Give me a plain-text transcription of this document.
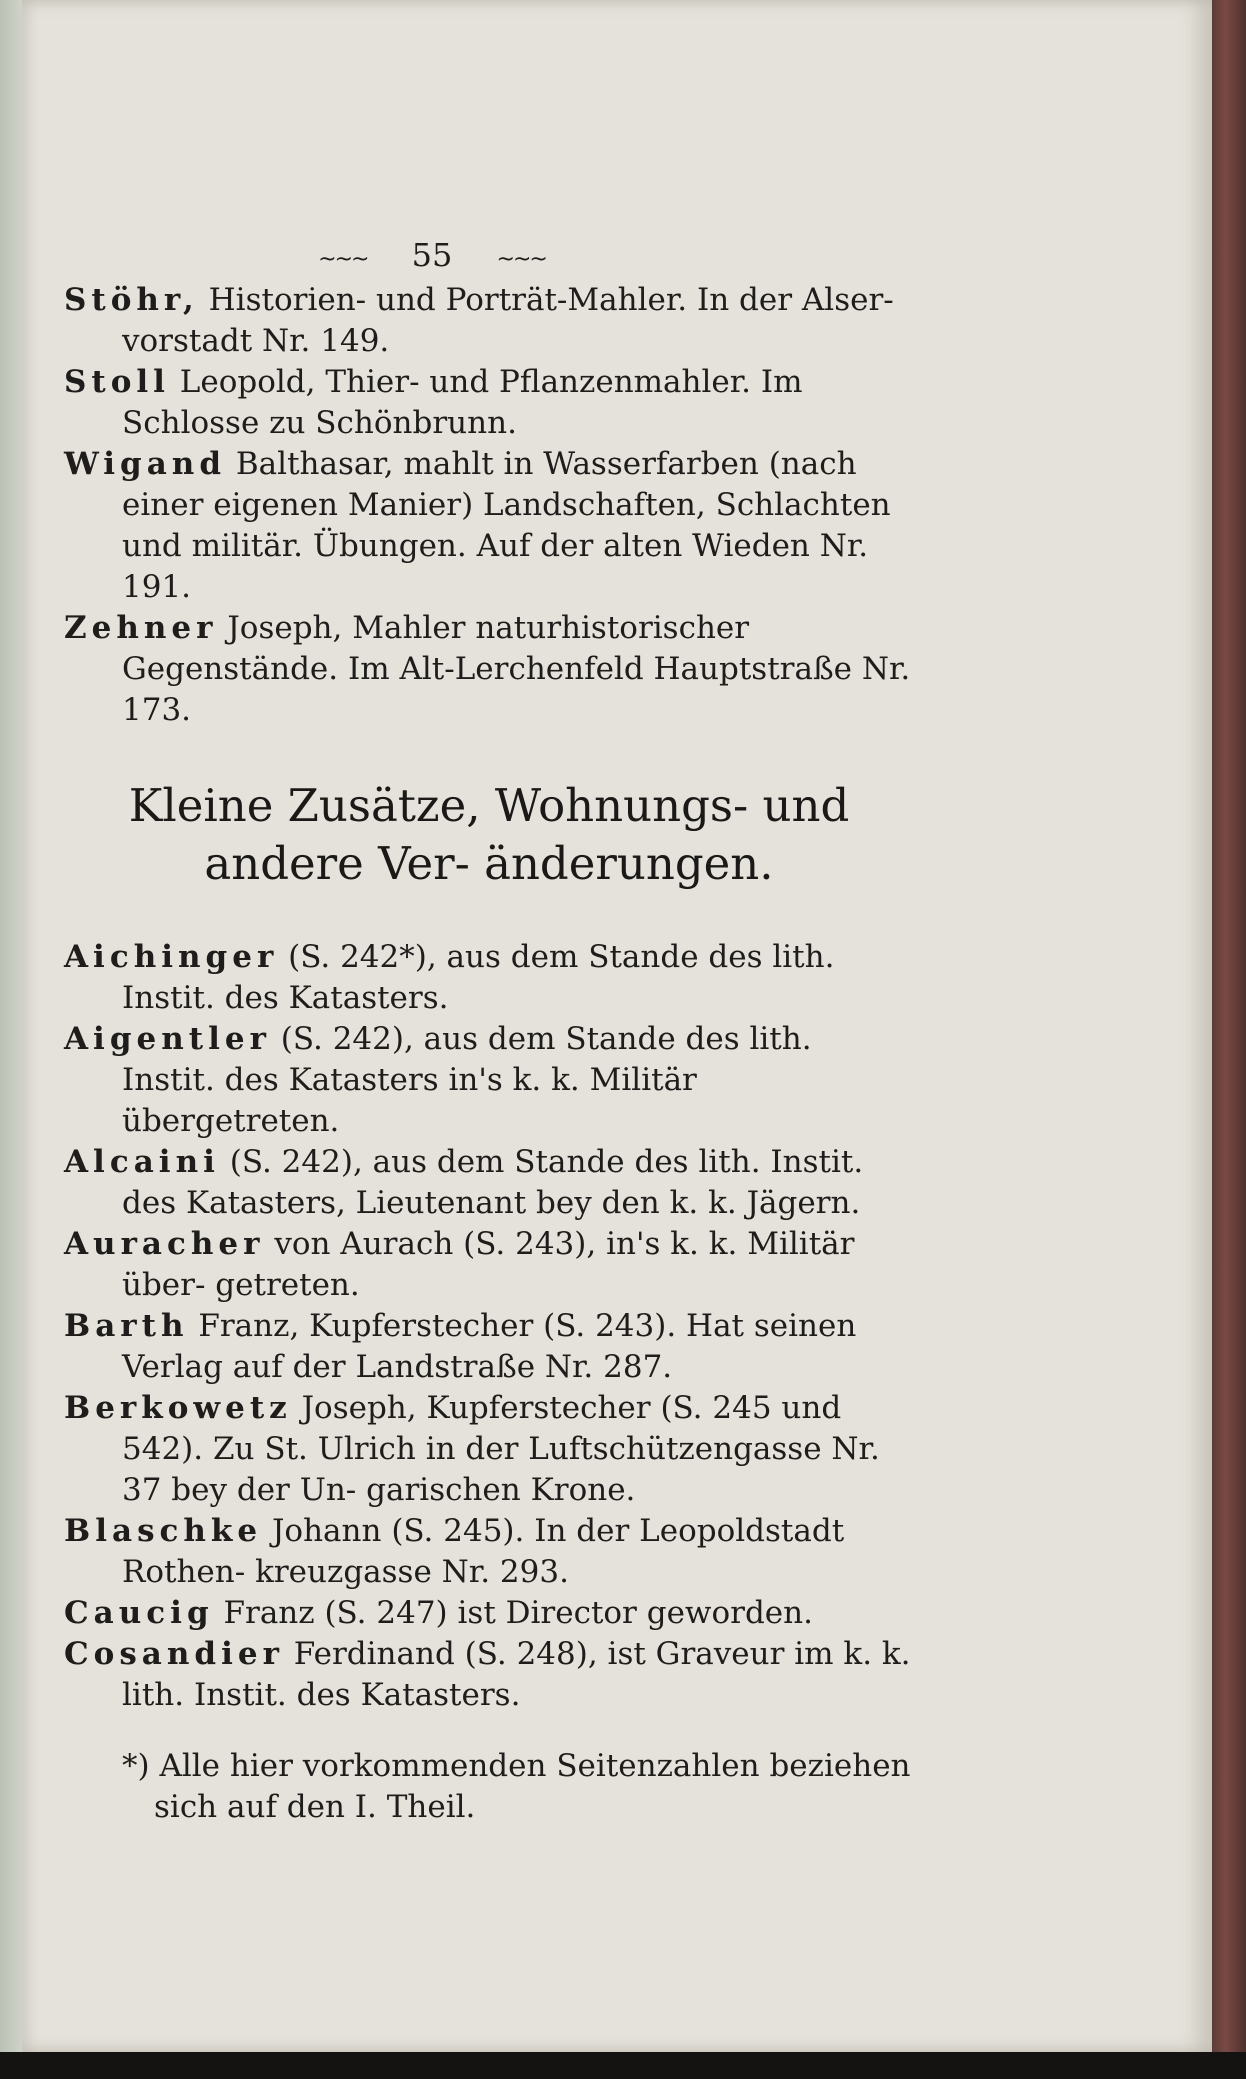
~~~ 55 ~~~

Stöhr, Historien- und Porträt-Mahler. In der Alser- vorstadt Nr. 149.

Stoll Leopold, Thier- und Pflanzenmahler. Im Schlosse zu Schönbrunn.

Wigand Balthasar, mahlt in Wasserfarben (nach einer eigenen Manier) Landschaften, Schlachten und militär. Übungen. Auf der alten Wieden Nr. 191.

Zehner Joseph, Mahler naturhistorischer Gegenstände. Im Alt-Lerchenfeld Hauptstraße Nr. 173.

Kleine Zusätze, Wohnungs- und andere Ver- änderungen.

Aichinger (S. 242*), aus dem Stande des lith. Instit. des Katasters.

Aigentler (S. 242), aus dem Stande des lith. Instit. des Katasters in's k. k. Militär übergetreten.

Alcaini (S. 242), aus dem Stande des lith. Instit. des Katasters, Lieutenant bey den k. k. Jägern.

Auracher von Aurach (S. 243), in's k. k. Militär über- getreten.

Barth Franz, Kupferstecher (S. 243). Hat seinen Verlag auf der Landstraße Nr. 287.

Berkowetz Joseph, Kupferstecher (S. 245 und 542). Zu St. Ulrich in der Luftschützengasse Nr. 37 bey der Un- garischen Krone.

Blaschke Johann (S. 245). In der Leopoldstadt Rothen- kreuzgasse Nr. 293.

Caucig Franz (S. 247) ist Director geworden.

Cosandier Ferdinand (S. 248), ist Graveur im k. k. lith. Instit. des Katasters.

*) Alle hier vorkommenden Seitenzahlen beziehen sich auf den I. Theil.
